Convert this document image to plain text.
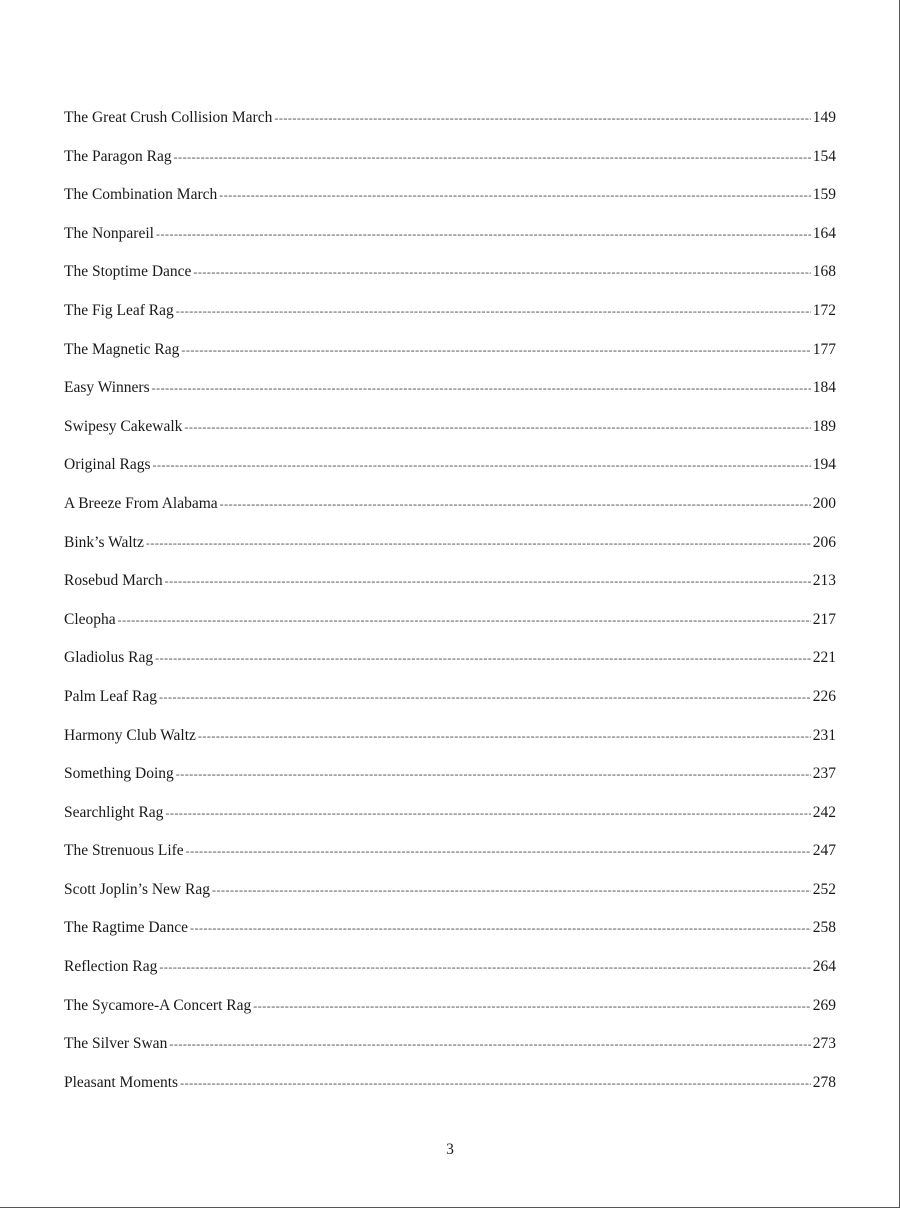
The Great Crush Collision March -----	149
The Paragon Rag -----	154
The Combination March -----	159
The Nonpareil -----	164
The Stoptime Dance -----	168
The Fig Leaf Rag -----	172
The Magnetic Rag -----	177
Easy Winners -----	184
Swipesy Cakewalk -----	189
Original Rags -----	194
A Breeze From Alabama -----	200
Bink’s Waltz -----	206
Rosebud March -----	213
Cleopha -----	217
Gladiolus Rag -----	221
Palm Leaf Rag -----	226
Harmony Club Waltz -----	231
Something Doing -----	237
Searchlight Rag -----	242
The Strenuous Life -----	247
Scott Joplin’s New Rag -----	252
The Ragtime Dance -----	258
Reflection Rag -----	264
The Sycamore-A Concert Rag -----	269
The Silver Swan -----	273
Pleasant Moments -----	278
3
